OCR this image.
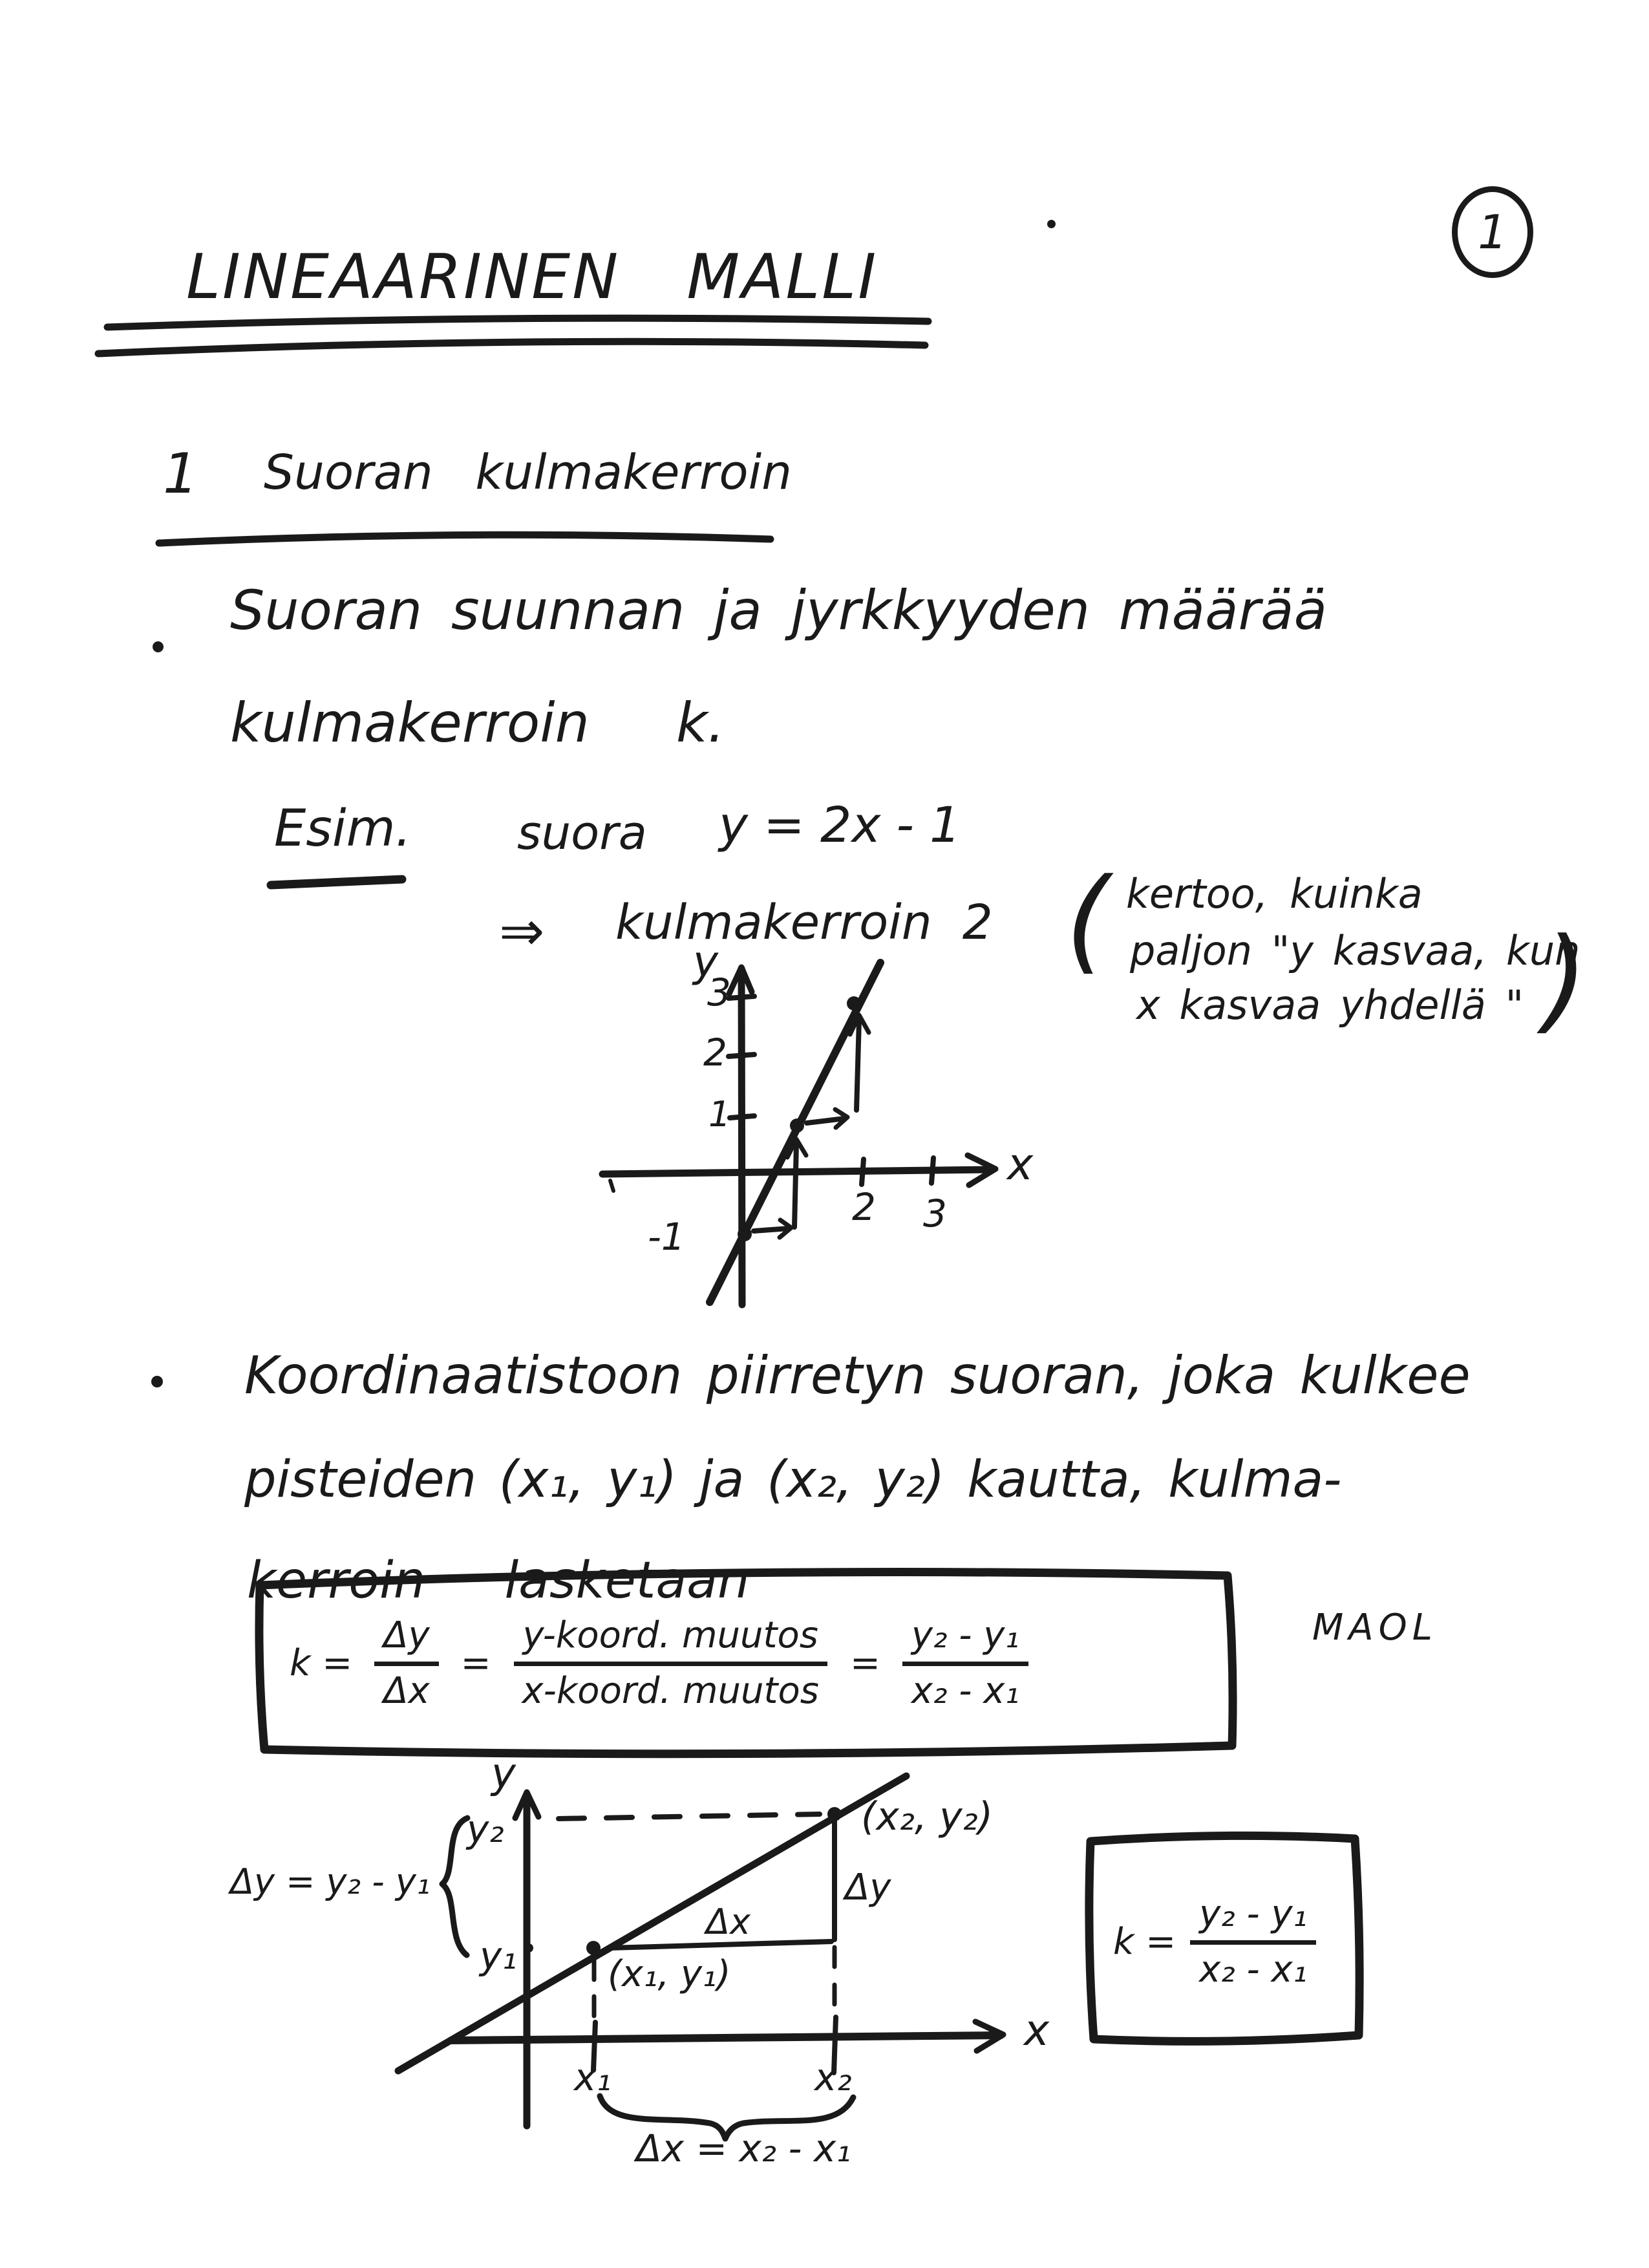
1
LINEAARINEN MALLI
1 Suoran kulmakerroin
Suoran suunnan ja jyrkkyyden määrää
kulmakerroin   k.
Esim. suora y = 2x - 1
⇒ kulmakerroin  2 ( kertoo, kuinka
paljon "y kasvaa, kun
x kasvaa yhdellä " )
y
3
2
1
x
2 3
-1
Koordinaatistoon piirretyn suoran, joka kulkee
pisteiden (x₁, y₁) ja (x₂, y₂) kautta, kulma-
kerroin   lasketaan
$k = \frac{\Delta y}{\Delta x} = \frac{\text{y-koord. muutos}}{\text{x-koord. muutos}} = \frac{\text{y₂ - y₁}}{\text{x₂ - x₁}}$	MAOL
Δy = y₂ - y₁
y
y₂
y₁
(x₂, y₂)
(x₁, y₁)
Δy
Δx
x
x₁	x₂
Δx = x₂ - x₁
$k = \frac{\text{y₂ - y₁}}{\text{x₂ - x₁}}$
